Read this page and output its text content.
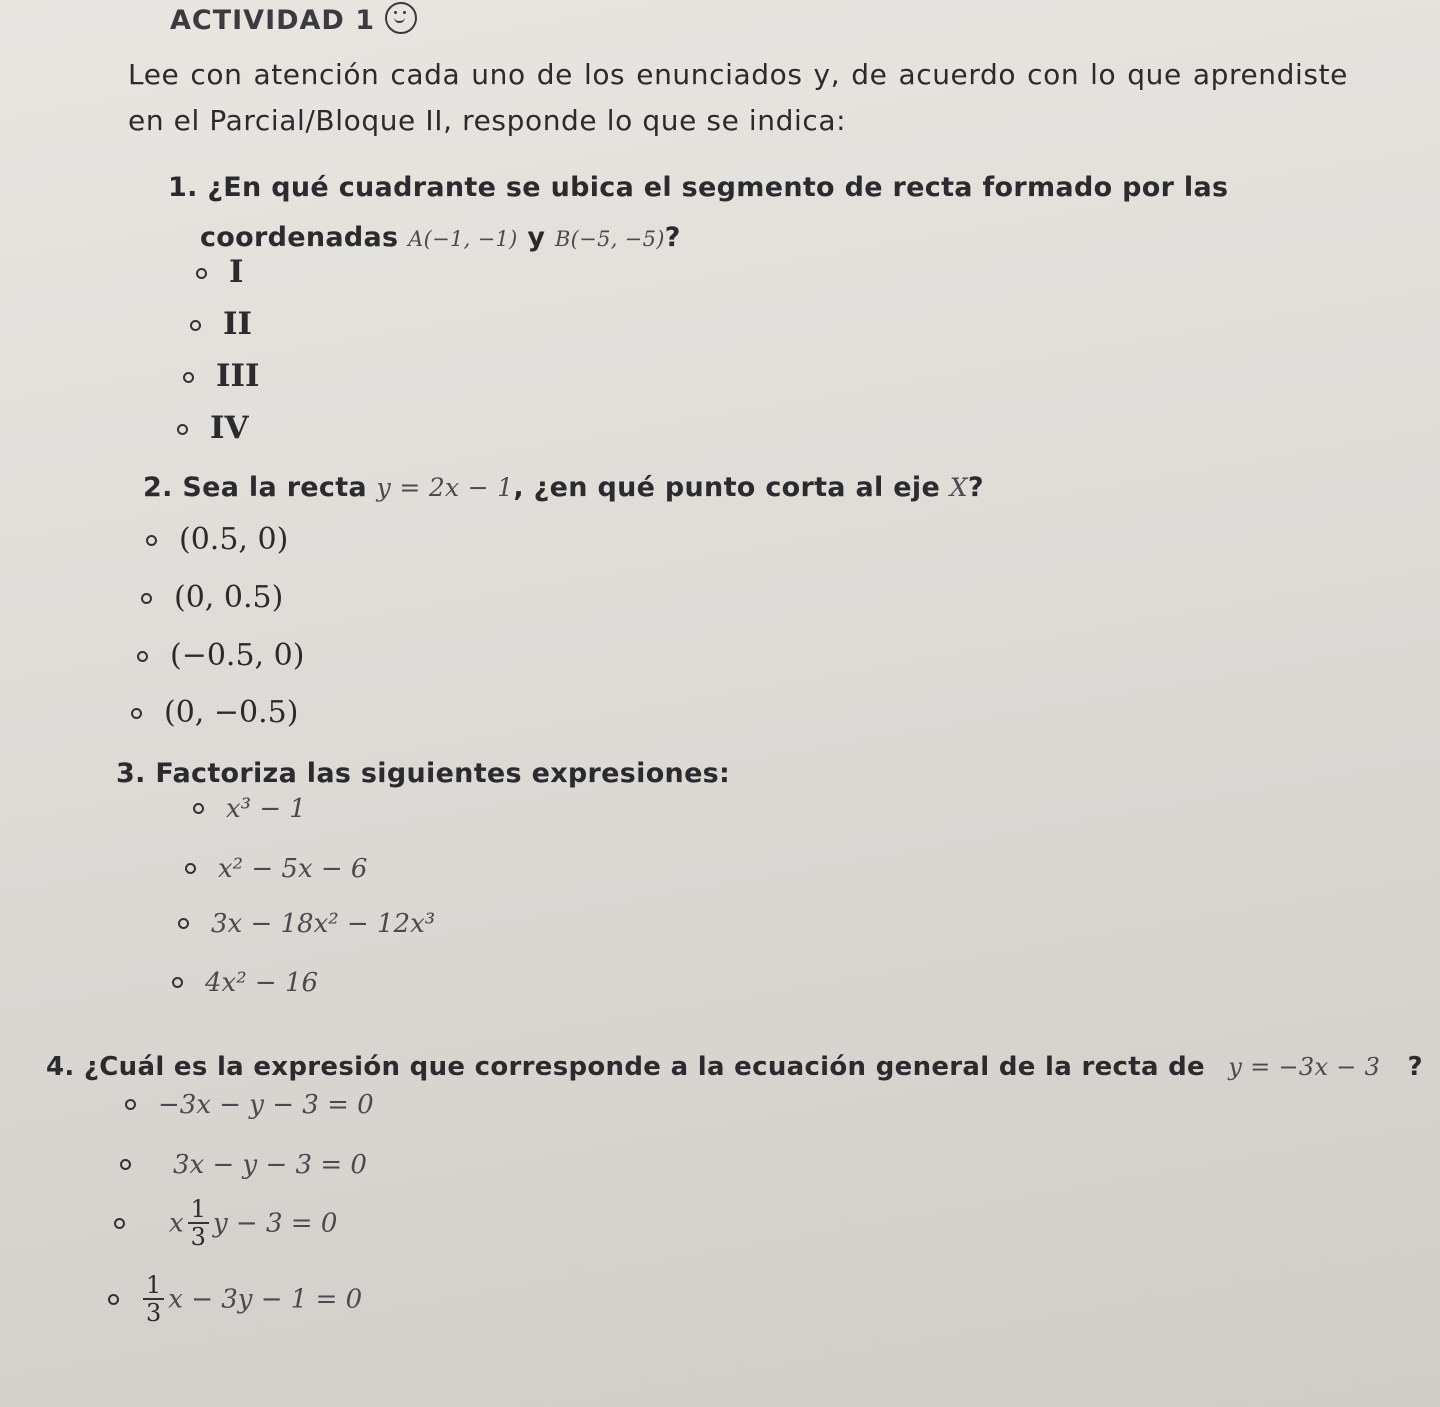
ACTIVIDAD 1
Lee con atención cada uno de los enunciados y, de acuerdo con lo que aprendiste en el Parcial/Bloque II, responde lo que se indica:
1. ¿En qué cuadrante se ubica el segmento de recta formado por las
coordenadas A(−1, −1) y B(−5, −5)?
I
II
III
IV
2. Sea la recta y = 2x − 1, ¿en qué punto corta al eje X?
(0.5, 0)
(0, 0.5)
(−0.5, 0)
(0, −0.5)
3. Factoriza las siguientes expresiones:
x³ − 1
x² − 5x − 6
3x − 18x² − 12x³
4x² − 16
4. ¿Cuál es la expresión que corresponde a la ecuación general de la recta de y = −3x − 3 ?
−3x − y − 3 = 0
3x − y − 3 = 0
x $\frac{1}{3}$ y − 3 = 0
$\frac{1}{3}$ x − 3y − 1 = 0
